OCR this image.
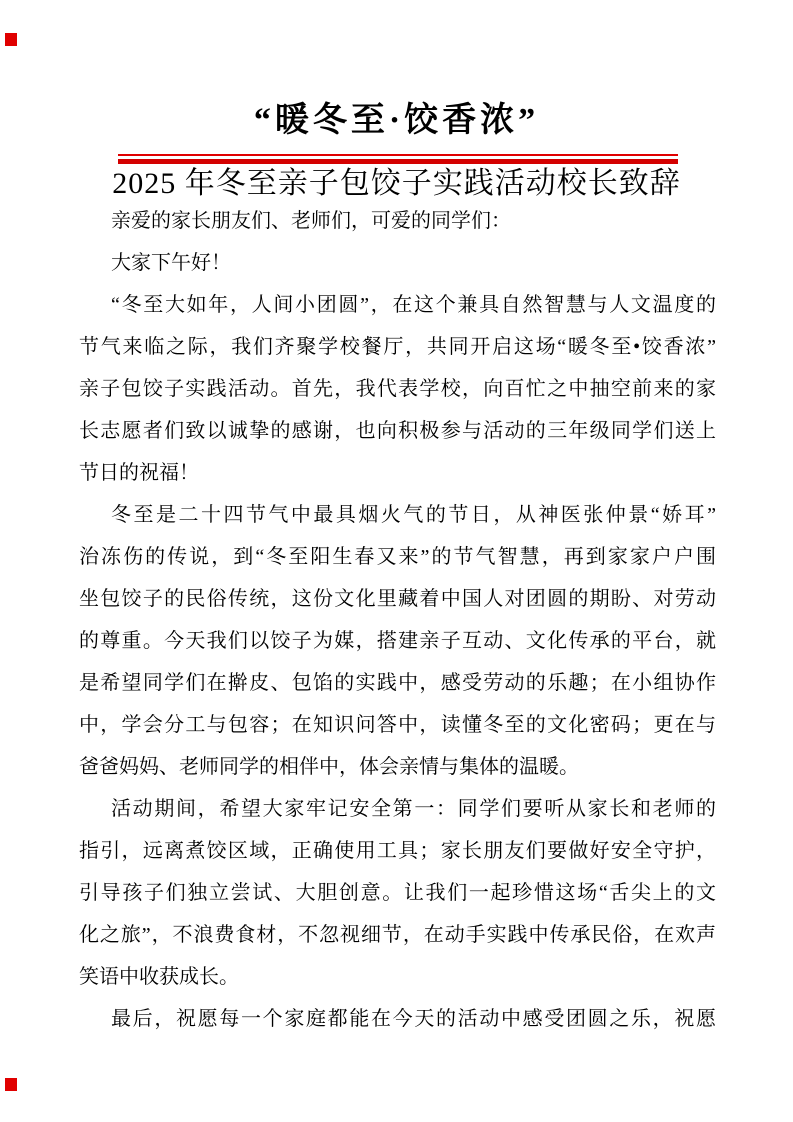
“暖冬至·饺香浓”
2025 年冬至亲子包饺子实践活动校长致辞
亲爱的家长朋友们、老师们，可爱的同学们：
大家下午好！
“冬至大如年，人间小团圆”，在这个兼具自然智慧与人文温度的
节气来临之际，我们齐聚学校餐厅，共同开启这场“暖冬至•饺香浓”
亲子包饺子实践活动。首先，我代表学校，向百忙之中抽空前来的家
长志愿者们致以诚挚的感谢，也向积极参与活动的三年级同学们送上
节日的祝福！
冬至是二十四节气中最具烟火气的节日，从神医张仲景“娇耳”
治冻伤的传说，到“冬至阳生春又来”的节气智慧，再到家家户户围
坐包饺子的民俗传统，这份文化里藏着中国人对团圆的期盼、对劳动
的尊重。今天我们以饺子为媒，搭建亲子互动、文化传承的平台，就
是希望同学们在擀皮、包馅的实践中，感受劳动的乐趣；在小组协作
中，学会分工与包容；在知识问答中，读懂冬至的文化密码；更在与
爸爸妈妈、老师同学的相伴中，体会亲情与集体的温暖。
活动期间，希望大家牢记安全第一：同学们要听从家长和老师的
指引，远离煮饺区域，正确使用工具；家长朋友们要做好安全守护，
引导孩子们独立尝试、大胆创意。让我们一起珍惜这场“舌尖上的文
化之旅”，不浪费食材，不忽视细节，在动手实践中传承民俗，在欢声
笑语中收获成长。
最后，祝愿每一个家庭都能在今天的活动中感受团圆之乐，祝愿
